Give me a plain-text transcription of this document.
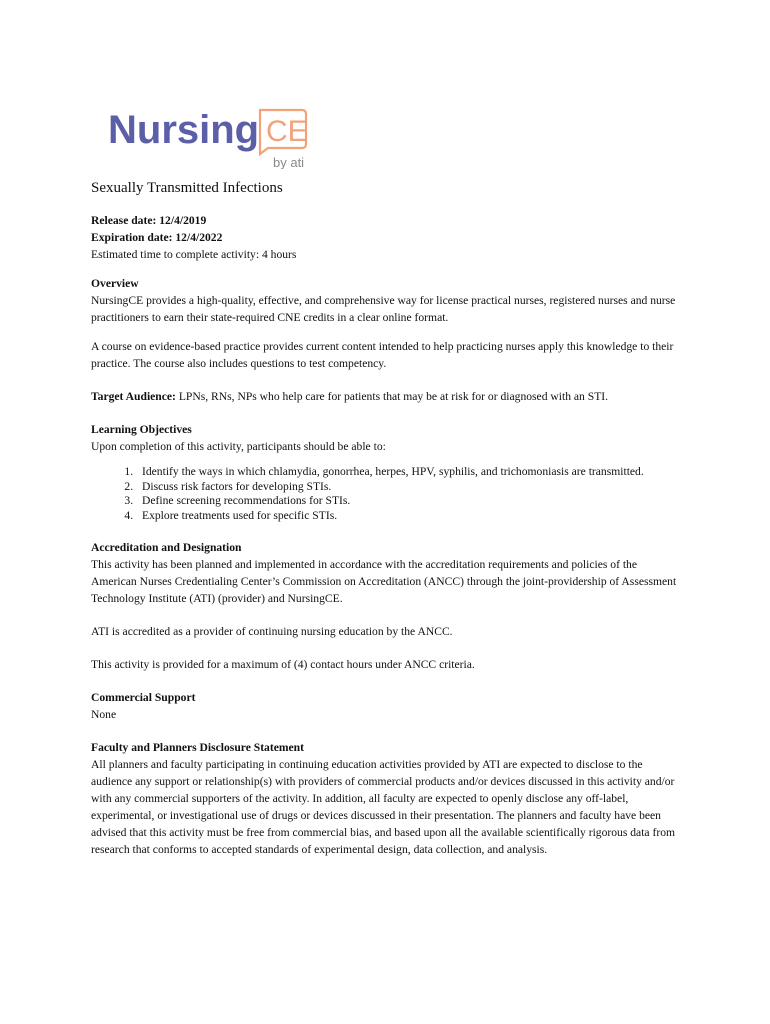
Nursing CE
by ati
Sexually Transmitted Infections

Release date: 12/4/2019

Expiration date: 12/4/2022

Estimated time to complete activity: 4 hours

Overview

NursingCE provides a high-quality, effective, and comprehensive way for license practical nurses, registered nurses and nurse practitioners to earn their state-required CNE credits in a clear online format.

A course on evidence-based practice provides current content intended to help practicing nurses apply this knowledge to their practice. The course also includes questions to test competency.

Target Audience: LPNs, RNs, NPs who help care for patients that may be at risk for or diagnosed with an STI.

Learning Objectives

Upon completion of this activity, participants should be able to:

1. Identify the ways in which chlamydia, gonorrhea, herpes, HPV, syphilis, and trichomoniasis are transmitted.
2. Discuss risk factors for developing STIs.
3. Define screening recommendations for STIs.
4. Explore treatments used for specific STIs.

Accreditation and Designation

This activity has been planned and implemented in accordance with the accreditation requirements and policies of the American Nurses Credentialing Center’s Commission on Accreditation (ANCC) through the joint-providership of Assessment Technology Institute (ATI) (provider) and NursingCE.

ATI is accredited as a provider of continuing nursing education by the ANCC.

This activity is provided for a maximum of (4) contact hours under ANCC criteria.

Commercial Support

None

Faculty and Planners Disclosure Statement

All planners and faculty participating in continuing education activities provided by ATI are expected to disclose to the audience any support or relationship(s) with providers of commercial products and/or devices discussed in this activity and/or with any commercial supporters of the activity. In addition, all faculty are expected to openly disclose any off-label, experimental, or investigational use of drugs or devices discussed in their presentation. The planners and faculty have been advised that this activity must be free from commercial bias, and based upon all the available scientifically rigorous data from research that conforms to accepted standards of experimental design, data collection, and analysis.
